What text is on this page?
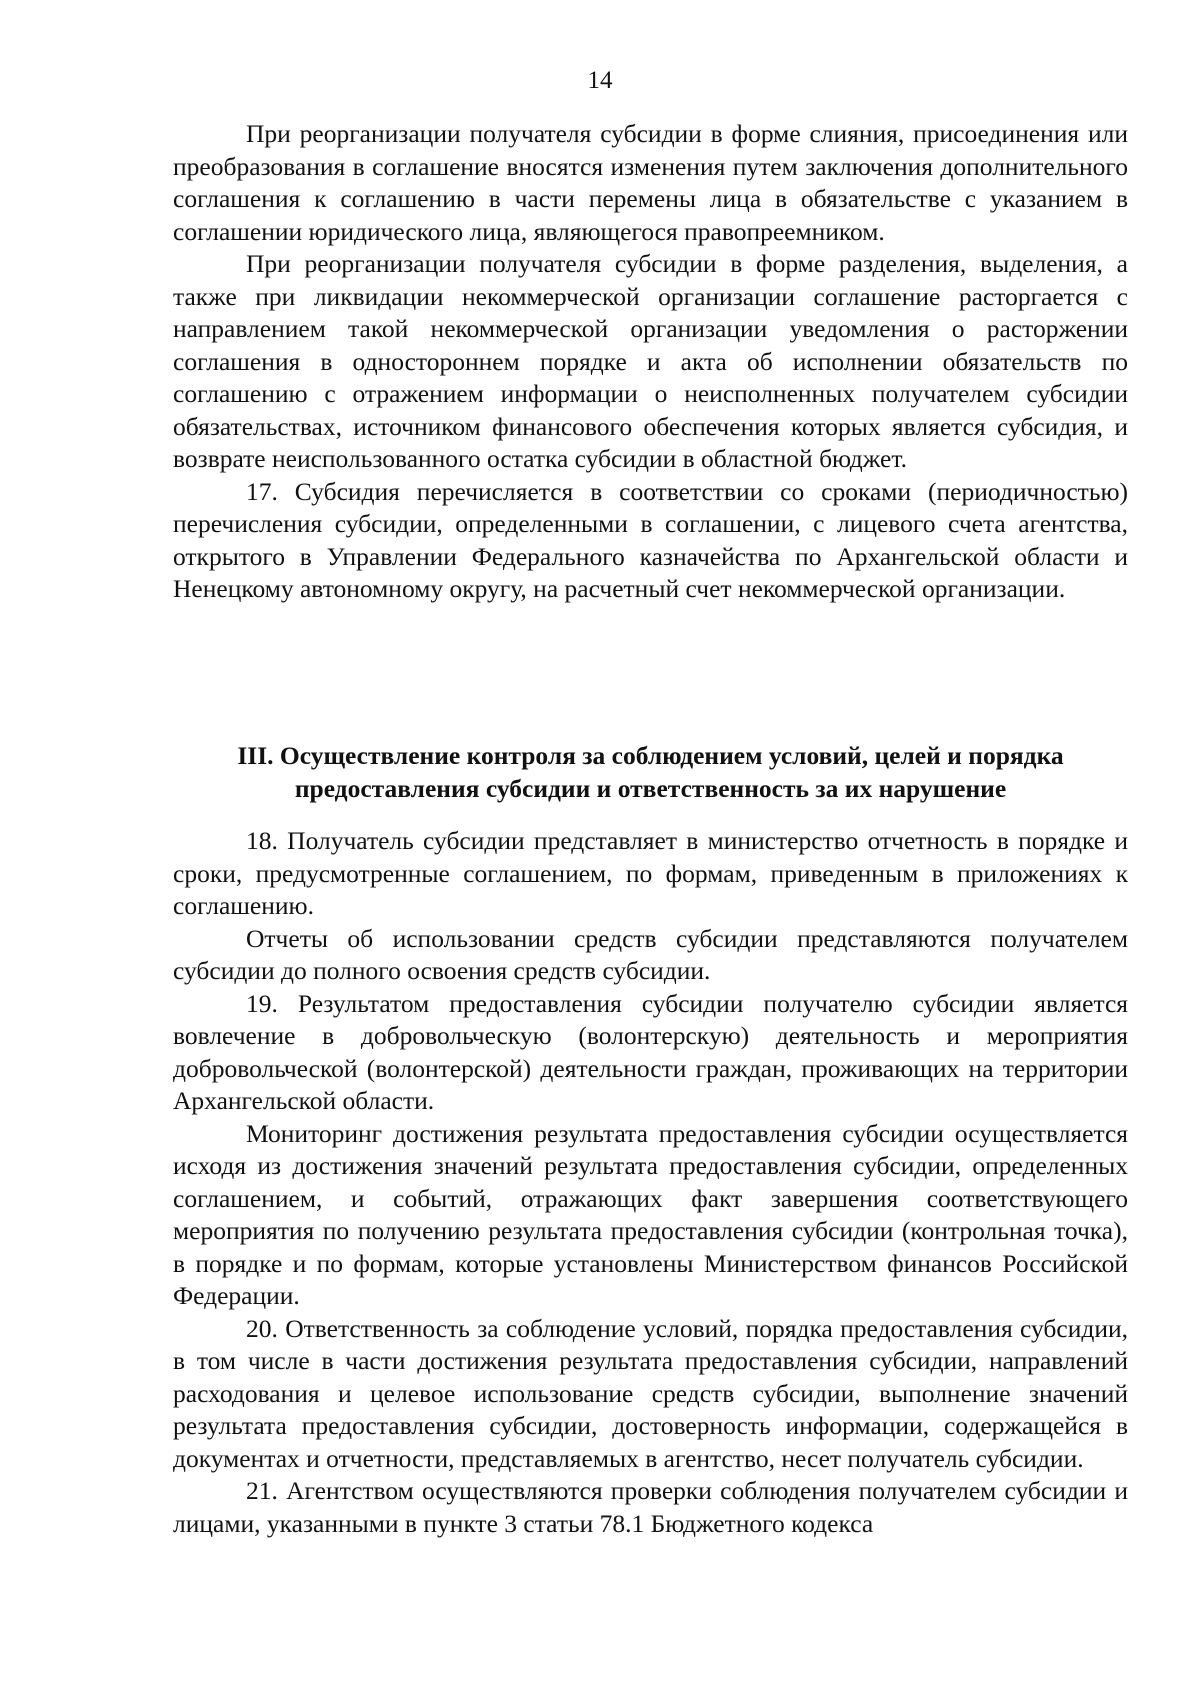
14

При реорганизации получателя субсидии в форме слияния, присоединения или преобразования в соглашение вносятся изменения путем заключения дополнительного соглашения к соглашению в части перемены лица в обязательстве с указанием в соглашении юридического лица, являющегося правопреемником.

При реорганизации получателя субсидии в форме разделения, выделения, а также при ликвидации некоммерческой организации соглашение расторгается с направлением такой некоммерческой организации уведомления о расторжении соглашения в одностороннем порядке и акта об исполнении обязательств по соглашению с отражением информации о неисполненных получателем субсидии обязательствах, источником финансового обеспечения которых является субсидия, и возврате неиспользованного остатка субсидии в областной бюджет.

17. Субсидия перечисляется в соответствии со сроками (периодичностью) перечисления субсидии, определенными в соглашении, с лицевого счета агентства, открытого в Управлении Федерального казначейства по Архангельской области и Ненецкому автономному округу, на расчетный счет некоммерческой организации.

III. Осуществление контроля за соблюдением условий, целей и порядка
предоставления субсидии и ответственность за их нарушение

18. Получатель субсидии представляет в министерство отчетность в порядке и сроки, предусмотренные соглашением, по формам, приведенным в приложениях к соглашению.

Отчеты об использовании средств субсидии представляются получателем субсидии до полного освоения средств субсидии.

19. Результатом предоставления субсидии получателю субсидии является вовлечение в добровольческую (волонтерскую) деятельность и мероприятия добровольческой (волонтерской) деятельности граждан, проживающих на территории Архангельской области.

Мониторинг достижения результата предоставления субсидии осуществляется исходя из достижения значений результата предоставления субсидии, определенных соглашением, и событий, отражающих факт завершения соответствующего мероприятия по получению результата предоставления субсидии (контрольная точка), в порядке и по формам, которые установлены Министерством финансов Российской Федерации.

20. Ответственность за соблюдение условий, порядка предоставления субсидии, в том числе в части достижения результата предоставления субсидии, направлений расходования и целевое использование средств субсидии, выполнение значений результата предоставления субсидии, достоверность информации, содержащейся в документах и отчетности, представляемых в агентство, несет получатель субсидии.

21. Агентством осуществляются проверки соблюдения получателем субсидии и лицами, указанными в пункте 3 статьи 78.1 Бюджетного кодекса
